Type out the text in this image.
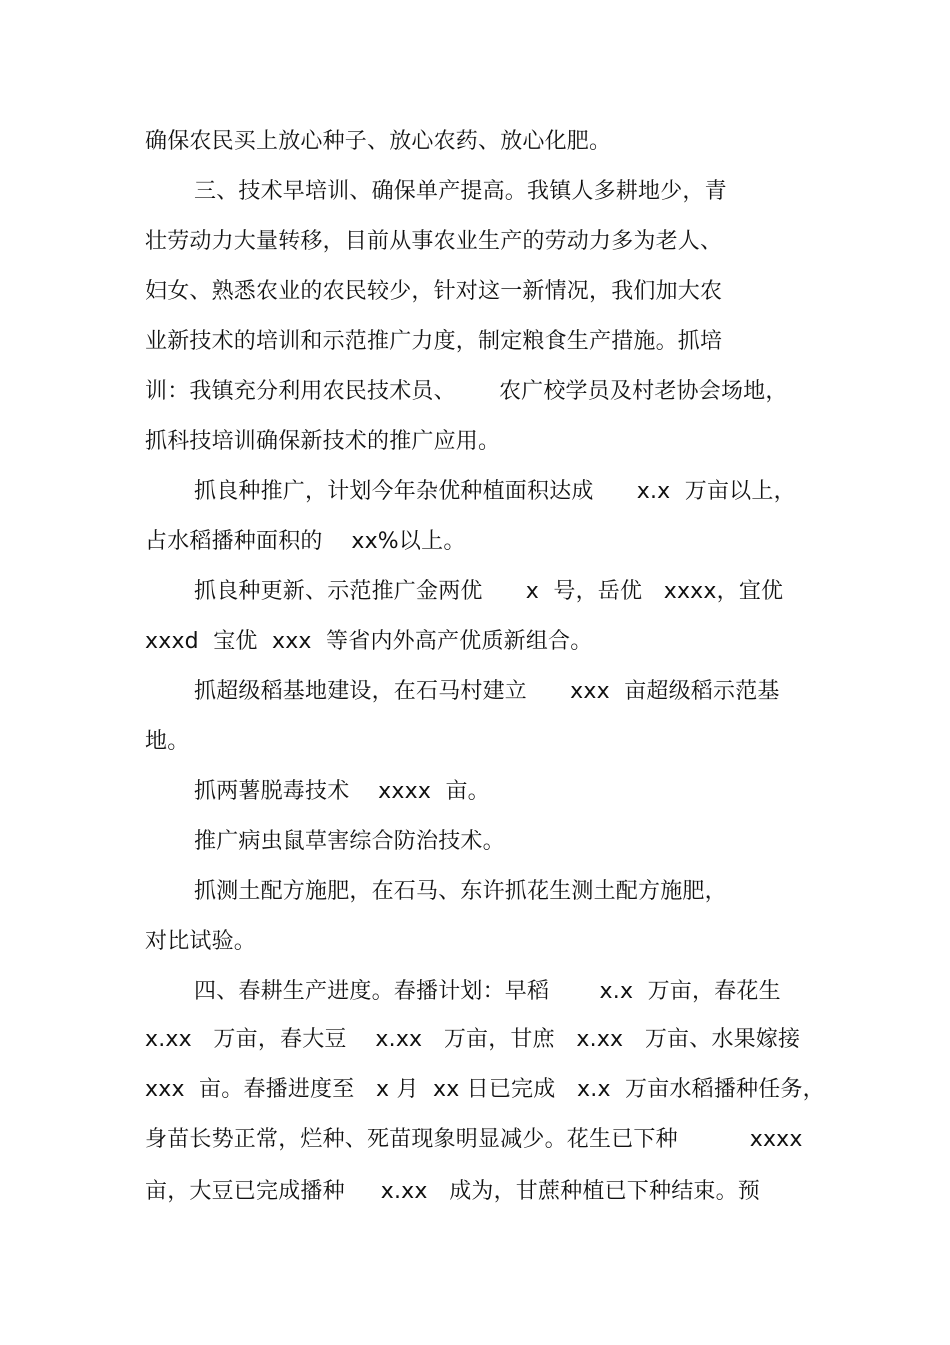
确保农民买上放心种子、放心农药、放心化肥。
三、技术早培训、确保单产提高。我镇人多耕地少，青
壮劳动力大量转移，目前从事农业生产的劳动力多为老人、
妇女、熟悉农业的农民较少，针对这一新情况，我们加大农
业新技术的培训和示范推广力度，制定粮食生产措施。抓培
训：我镇充分利用农民技术员、      农广校学员及村老协会场地，
抓科技培训确保新技术的推广应用。
抓良种推广，计划今年杂优种植面积达成      x.x  万亩以上，
占水稻播种面积的    xx%以上。
抓良种更新、示范推广金两优      x  号，岳优   xxxx，宜优
xxxd  宝优  xxx  等省内外高产优质新组合。
抓超级稻基地建设，在石马村建立      xxx  亩超级稻示范基
地。
抓两薯脱毒技术    xxxx  亩。
推广病虫鼠草害综合防治技术。
抓测土配方施肥，在石马、东许抓花生测土配方施肥，
对比试验。
四、春耕生产进度。春播计划：早稻       x.x  万亩，春花生
x.xx   万亩，春大豆    x.xx   万亩，甘庶   x.xx   万亩、水果嫁接
xxx  亩。春播进度至   x 月  xx 日已完成   x.x  万亩水稻播种任务，
身苗长势正常，烂种、死苗现象明显减少。花生已下种          xxxx
亩，大豆已完成播种     x.xx   成为，甘蔗种植已下种结束。预
